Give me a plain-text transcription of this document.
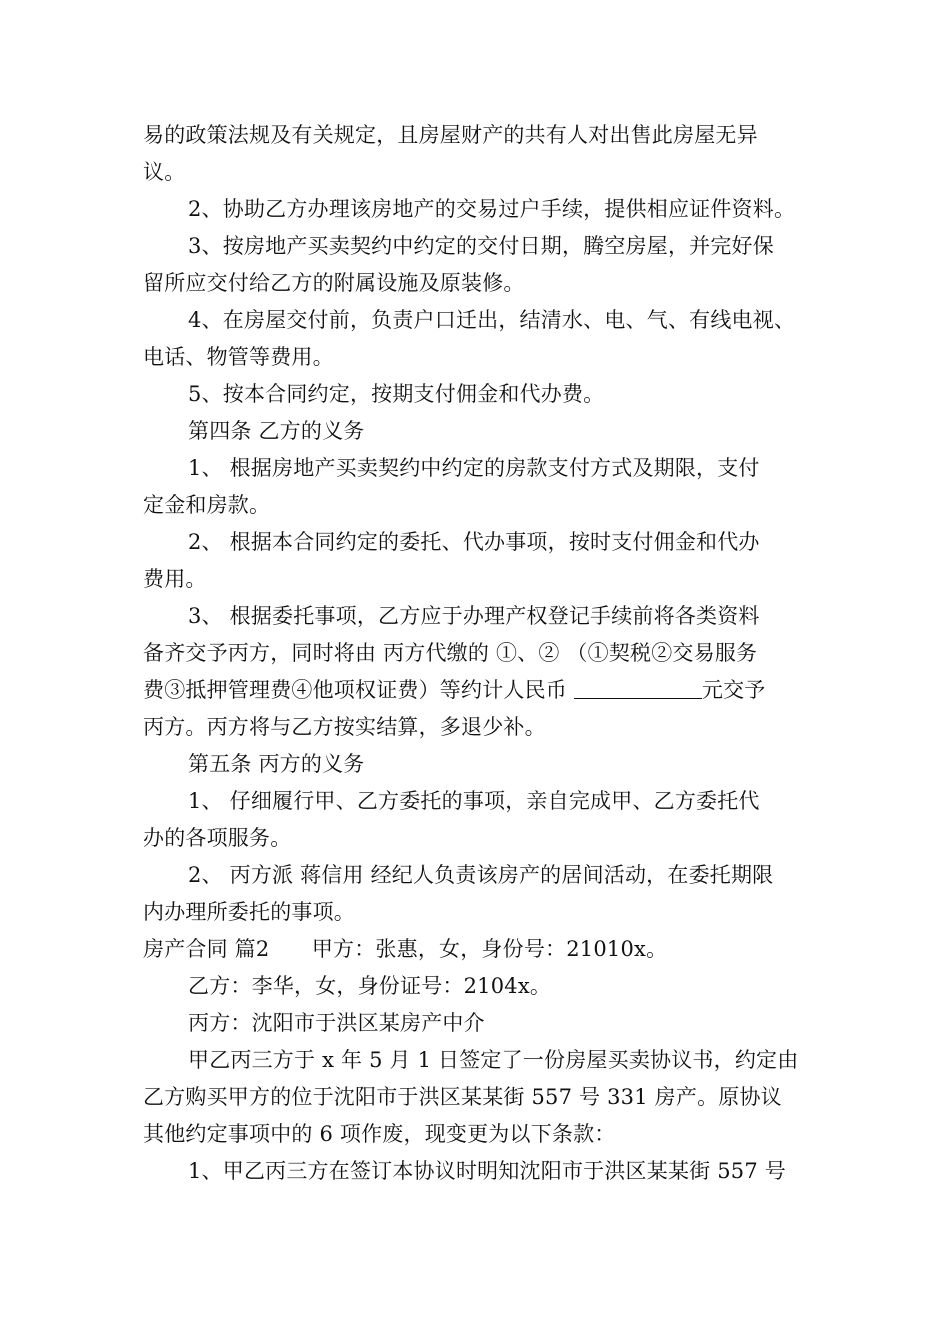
易的政策法规及有关规定，且房屋财产的共有人对出售此房屋无异
议。
2、协助乙方办理该房地产的交易过户手续，提供相应证件资料。
3、按房地产买卖契约中约定的交付日期，腾空房屋，并完好保
留所应交付给乙方的附属设施及原装修。
4、在房屋交付前，负责户口迁出，结清水、电、气、有线电视、
电话、物管等费用。
5、按本合同约定，按期支付佣金和代办费。
第四条 乙方的义务
1、 根据房地产买卖契约中约定的房款支付方式及期限，支付
定金和房款。
2、 根据本合同约定的委托、代办事项，按时支付佣金和代办
费用。
3、 根据委托事项，乙方应于办理产权登记手续前将各类资料
备齐交予丙方，同时将由 丙方代缴的 ①、② （①契税②交易服务
费③抵押管理费④他项权证费）等约计人民币	元交予
丙方。丙方将与乙方按实结算，多退少补。
第五条 丙方的义务
1、 仔细履行甲、乙方委托的事项，亲自完成甲、乙方委托代
办的各项服务。
2、 丙方派 蒋信用 经纪人负责该房产的居间活动，在委托期限
内办理所委托的事项。
房产合同 篇2　　甲方：张惠，女，身份号：21010x。
乙方：李华，女，身份证号：2104x。
丙方：沈阳市于洪区某房产中介
甲乙丙三方于 x 年 5 月 1 日签定了一份房屋买卖协议书，约定由
乙方购买甲方的位于沈阳市于洪区某某街 557 号 331 房产。原协议
其他约定事项中的 6 项作废，现变更为以下条款：
1、甲乙丙三方在签订本协议时明知沈阳市于洪区某某街 557 号
